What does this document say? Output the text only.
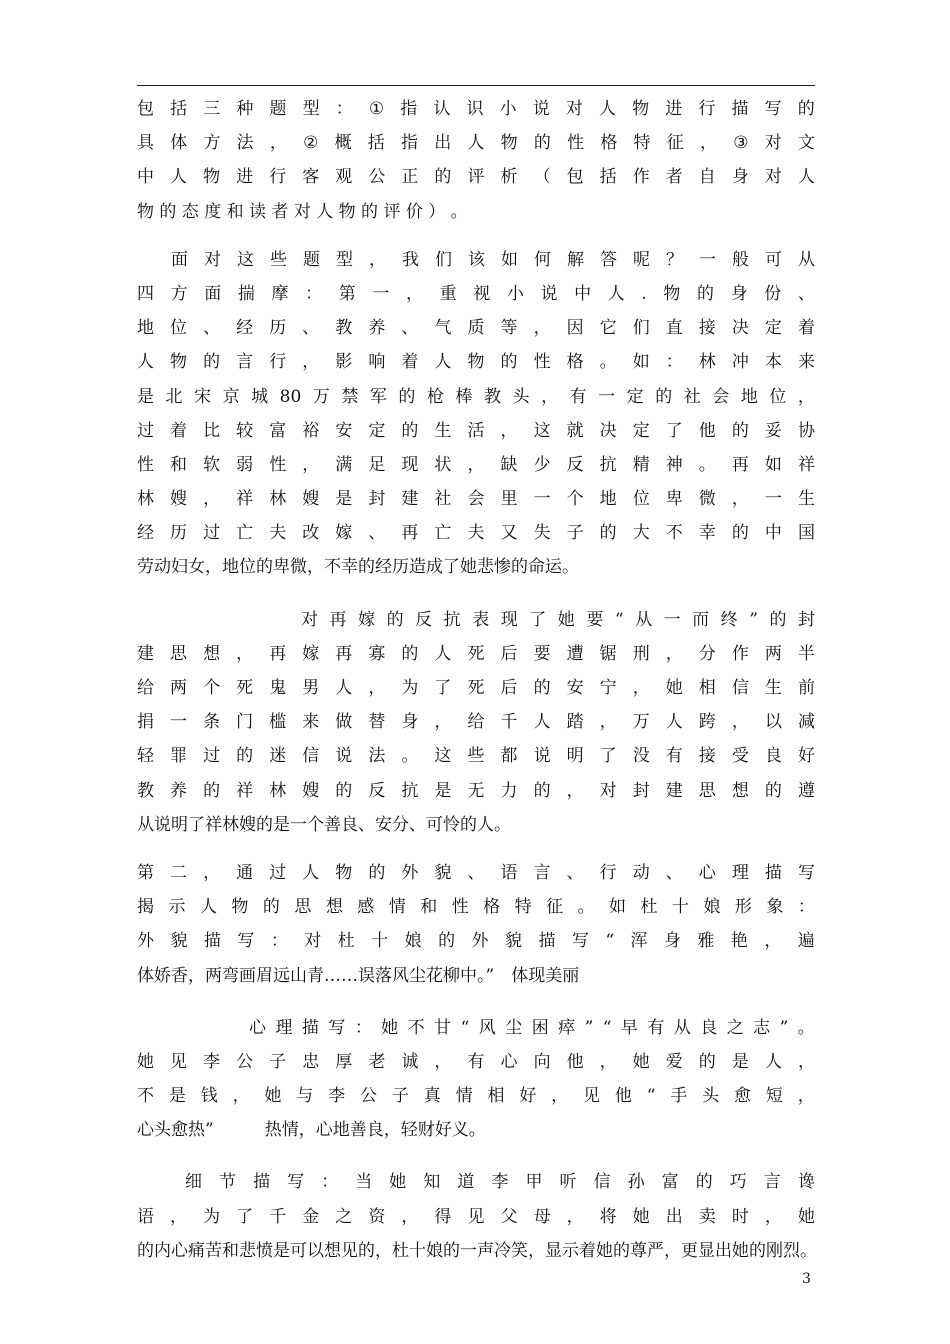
包 括 三 种 题 型 ： ① 指 认 识 小 说 对 人 物 进 行 描 写 的
具 体 方 法 ， ② 概 括 指 出 人 物 的 性 格 特 征 ， ③ 对 文
中 人 物 进 行 客 观 公 正 的 评 析 （ 包 括 作 者 自 身 对 人
物 的 态 度 和 读 者 对 人 物 的 评 价 ） 。
面 对 这 些 题 型 ， 我 们 该 如 何 解 答 呢 ？ 一 般 可 从
四 方 面 揣 摩 ： 第 一 ， 重 视 小 说 中 人 . 物 的 身 份 、
地 位 、 经 历 、 教 养 、 气 质 等 ， 因 它 们 直 接 决 定 着
人 物 的 言 行 ， 影 响 着 人 物 的 性 格 。 如 ： 林 冲 本 来
是 北 宋 京 城 80 万 禁 军 的 枪 棒 教 头 ， 有 一 定 的 社 会 地 位 ，
过 着 比 较 富 裕 安 定 的 生 活 ， 这 就 决 定 了 他 的 妥 协
性 和 软 弱 性 ， 满 足 现 状 ， 缺 少 反 抗 精 神 。 再 如 祥
林 嫂 ， 祥 林 嫂 是 封 建 社 会 里 一 个 地 位 卑 微 ， 一 生
经 历 过 亡 夫 改 嫁 、 再 亡 夫 又 失 子 的 大 不 幸 的 中 国
劳动妇女，地位的卑微，不幸的经历造成了她悲惨的命运。
对 再 嫁 的 反 抗 表 现 了 她 要 “ 从 一 而 终 ” 的 封
建 思 想 ， 再 嫁 再 寡 的 人 死 后 要 遭 锯 刑 ， 分 作 两 半
给 两 个 死 鬼 男 人 ， 为 了 死 后 的 安 宁 ， 她 相 信 生 前
捐 一 条 门 槛 来 做 替 身 ， 给 千 人 踏 ， 万 人 跨 ， 以 减
轻 罪 过 的 迷 信 说 法 。 这 些 都 说 明 了 没 有 接 受 良 好
教 养 的 祥 林 嫂 的 反 抗 是 无 力 的 ， 对 封 建 思 想 的 遵
从说明了祥林嫂的是一个善良、安分、可怜的人。
第 二 ， 通 过 人 物 的 外 貌 、 语 言 、 行 动 、 心 理 描 写
揭 示 人 物 的 思 想 感 情 和 性 格 特 征 。 如 杜 十 娘 形 象 ：
外 貌 描 写 ： 对 杜 十 娘 的 外 貌 描 写 “ 浑 身 雅 艳 ， 遍
体娇香，两弯画眉远山青……误落风尘花柳中。”　体现美丽
心 理 描 写 ： 她 不 甘 “ 风 尘 困 瘁 ” “ 早 有 从 良 之 志 ” 。
她 见 李 公 子 忠 厚 老 诚 ， 有 心 向 他 ， 她 爱 的 是 人 ，
不 是 钱 ， 她 与 李 公 子 真 情 相 好 ， 见 他 “ 手 头 愈 短 ，
心头愈热”　　　热情，心地善良，轻财好义。
细 节 描 写 ： 当 她 知 道 李 甲 听 信 孙 富 的 巧 言 谗
语 ， 为 了 千 金 之 资 ， 得 见 父 母 ， 将 她 出 卖 时 ， 她
的内心痛苦和悲愤是可以想见的，杜十娘的一声冷笑，显示着她的尊严，更显出她的刚烈。
3
